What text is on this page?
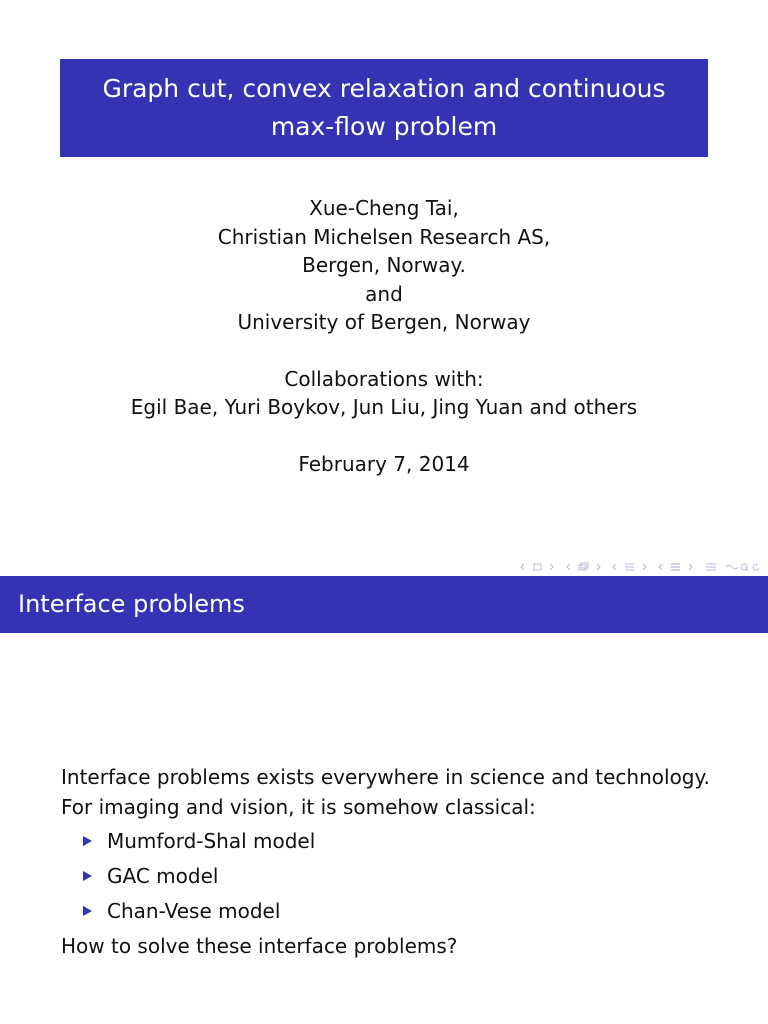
Graph cut, convex relaxation and continuous
max-flow problem
Xue-Cheng Tai,
Christian Michelsen Research AS,
Bergen, Norway.
and
University of Bergen, Norway
Collaborations with:
Egil Bae, Yuri Boykov, Jun Liu, Jing Yuan and others
February 7, 2014
Interface problems

Interface problems exists everywhere in science and technology. For imaging and vision, it is somehow classical:

Mumford-Shal model
GAC model
Chan-Vese model

How to solve these interface problems?
